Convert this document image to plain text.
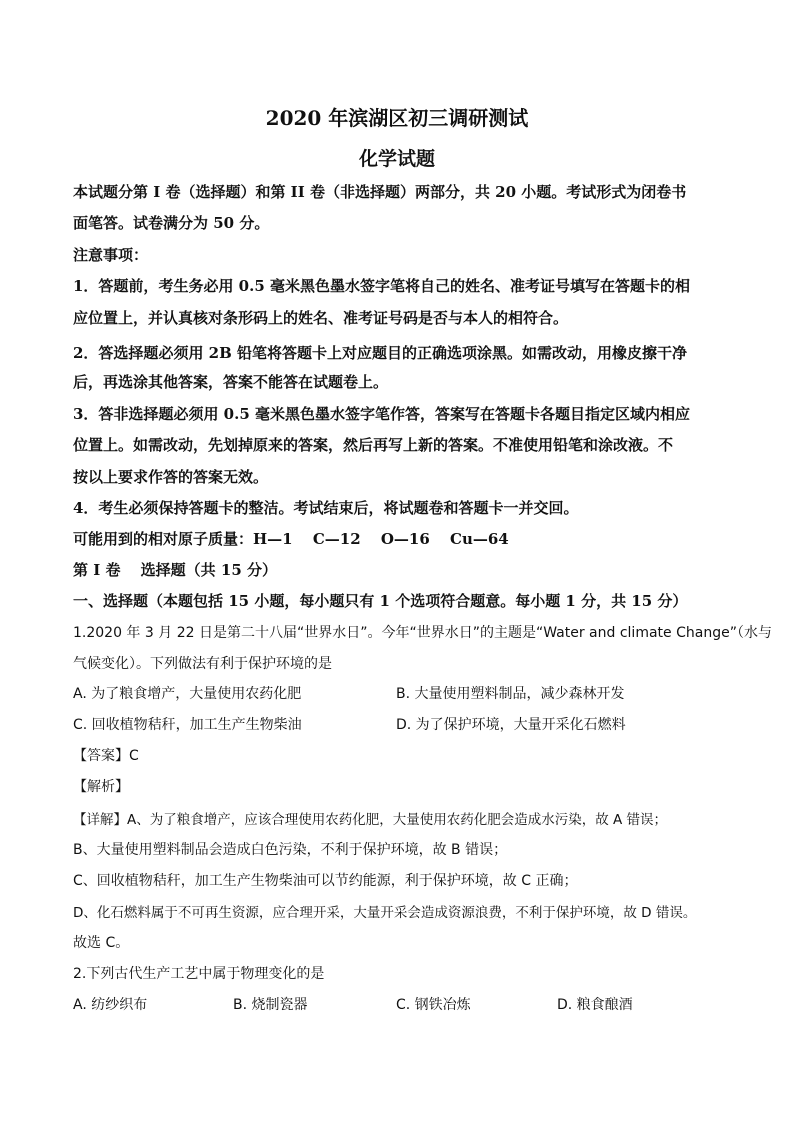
2020 年滨湖区初三调研测试
化学试题
本试题分第 I 卷（选择题）和第 II 卷（非选择题）两部分，共 20 小题。考试形式为闭卷书
面笔答。试卷满分为 50 分。
注意事项：
1．答题前，考生务必用 0.5 毫米黑色墨水签字笔将自己的姓名、准考证号填写在答题卡的相
应位置上，并认真核对条形码上的姓名、准考证号码是否与本人的相符合。
2．答选择题必须用 2B 铅笔将答题卡上对应题目的正确选项涂黑。如需改动，用橡皮擦干净
后，再选涂其他答案，答案不能答在试题卷上。
3．答非选择题必须用 0.5 毫米黑色墨水签字笔作答，答案写在答题卡各题目指定区域内相应
位置上。如需改动，先划掉原来的答案，然后再写上新的答案。不准使用铅笔和涂改液。不
按以上要求作答的答案无效。
4．考生必须保持答题卡的整洁。考试结束后，将试题卷和答题卡一并交回。
可能用到的相对原子质量：H—1　 C—12　 O—16　 Cu—64
第 I 卷　 选择题（共 15 分）
一、选择题（本题包括 15 小题，每小题只有 1 个选项符合题意。每小题 1 分，共 15 分）
1.2020 年 3 月 22 日是第二十八届“世界水日”。今年“世界水日”的主题是“Water and climate Change”（水与
气候变化）。下列做法有利于保护环境的是
A. 为了粮食增产，大量使用农药化肥	B. 大量使用塑料制品，减少森林开发
C. 回收植物秸秆，加工生产生物柴油	D. 为了保护环境，大量开采化石燃料
【答案】C
【解析】
【详解】A、为了粮食增产，应该合理使用农药化肥，大量使用农药化肥会造成水污染，故 A 错误；
B、大量使用塑料制品会造成白色污染，不利于保护环境，故 B 错误；
C、回收植物秸秆，加工生产生物柴油可以节约能源，利于保护环境，故 C 正确；
D、化石燃料属于不可再生资源，应合理开采，大量开采会造成资源浪费，不利于保护环境，故 D 错误。
故选 C。
2.下列古代生产工艺中属于物理变化的是
A. 纺纱织布	B. 烧制瓷器	C. 钢铁冶炼	D. 粮食酿酒
